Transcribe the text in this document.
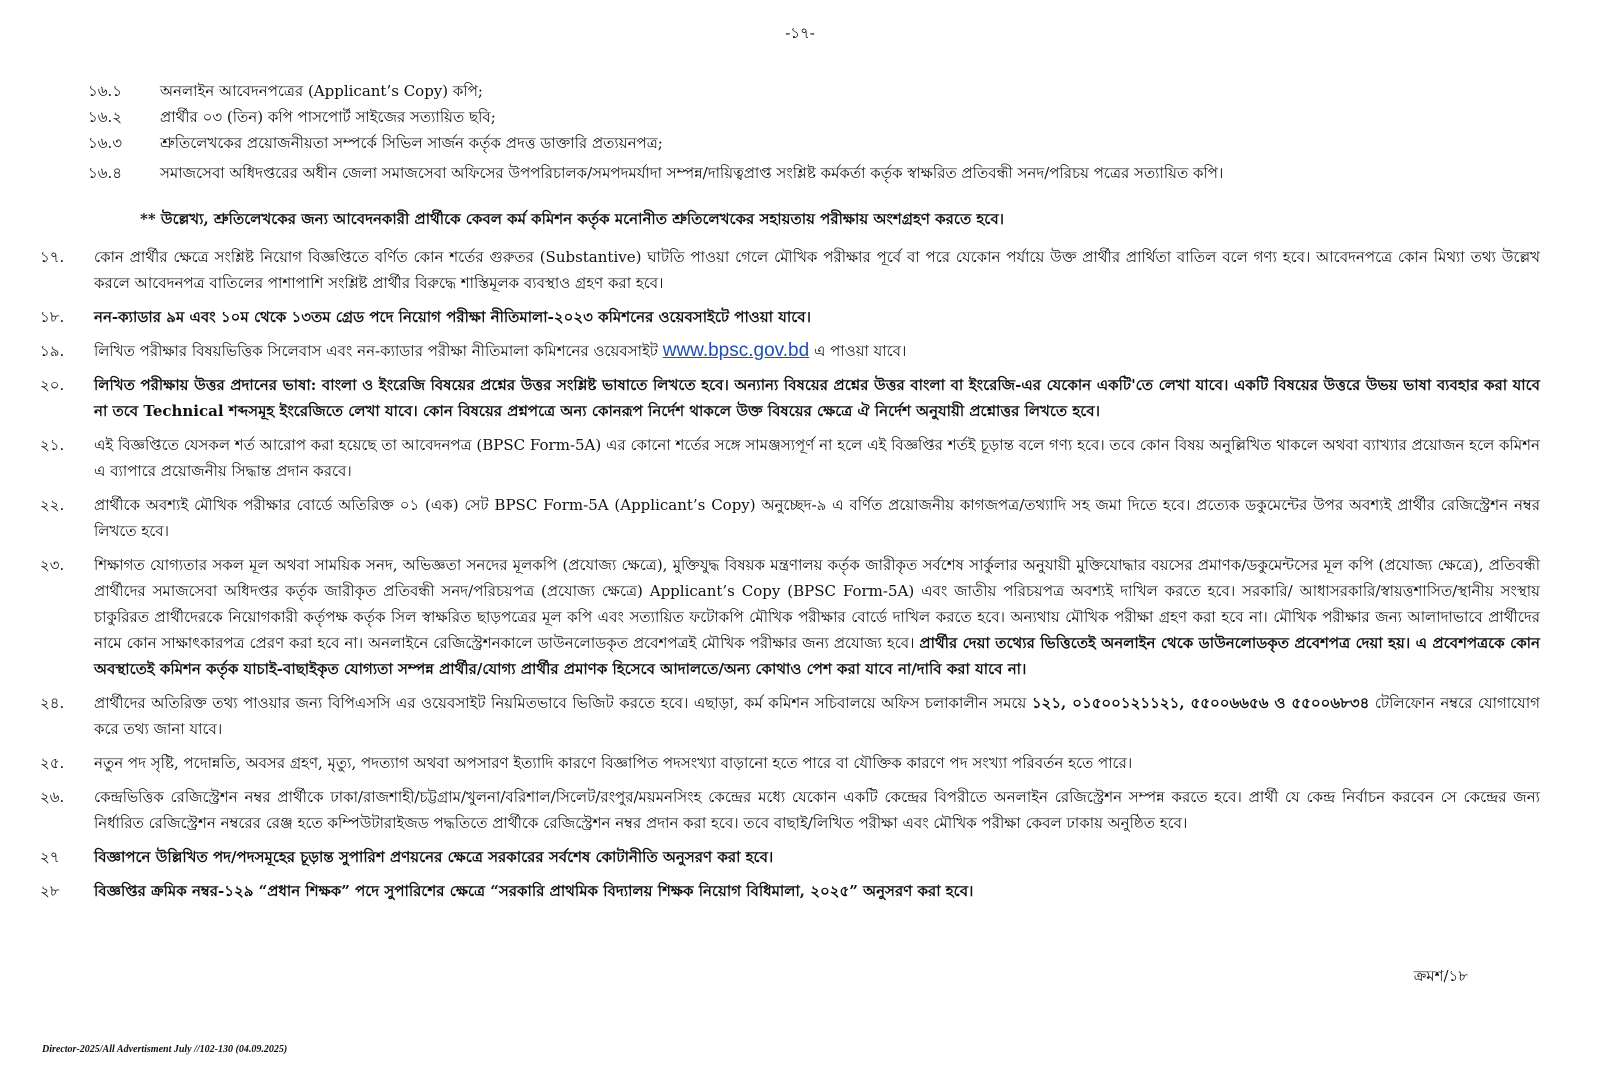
-১৭-
১৬.১	অনলাইন আবেদনপত্রের (Applicant’s Copy) কপি;
১৬.২	প্রার্থীর ০৩ (তিন) কপি পাসপোর্ট সাইজের সত্যায়িত ছবি;
১৬.৩	শ্রুতিলেখকের প্রয়োজনীয়তা সম্পর্কে সিভিল সার্জন কর্তৃক প্রদত্ত ডাক্তারি প্রত্যয়নপত্র;
১৬.৪	সমাজসেবা অধিদপ্তরের অধীন জেলা সমাজসেবা অফিসের উপপরিচালক/সমপদমর্যাদা সম্পন্ন/দায়িত্বপ্রাপ্ত সংশ্লিষ্ট কর্মকর্তা কর্তৃক স্বাক্ষরিত প্রতিবন্ধী সনদ/পরিচয় পত্রের সত্যায়িত কপি।
** উল্লেখ্য, শ্রুতিলেখকের জন্য আবেদনকারী প্রার্থীকে কেবল কর্ম কমিশন কর্তৃক মনোনীত শ্রুতিলেখকের সহায়তায় পরীক্ষায় অংশগ্রহণ করতে হবে।
১৭.	কোন প্রার্থীর ক্ষেত্রে সংশ্লিষ্ট নিয়োগ বিজ্ঞপ্তিতে বর্ণিত কোন শর্তের গুরুতর (Substantive) ঘাটতি পাওয়া গেলে মৌখিক পরীক্ষার পূর্বে বা পরে যেকোন পর্যায়ে উক্ত প্রার্থীর প্রার্থিতা বাতিল বলে গণ্য হবে। আবেদনপত্রে কোন মিথ্যা তথ্য উল্লেখ করলে আবেদনপত্র বাতিলের পাশাপাশি সংশ্লিষ্ট প্রার্থীর বিরুদ্ধে শাস্তিমূলক ব্যবস্থাও গ্রহণ করা হবে।
১৮.	নন-ক্যাডার ৯ম এবং ১০ম থেকে ১৩তম গ্রেড পদে নিয়োগ পরীক্ষা নীতিমালা-২০২৩ কমিশনের ওয়েবসাইটে পাওয়া যাবে।
১৯.	লিখিত পরীক্ষার বিষয়ভিত্তিক সিলেবাস এবং নন-ক্যাডার পরীক্ষা নীতিমালা কমিশনের ওয়েবসাইট www.bpsc.gov.bd এ পাওয়া যাবে।
২০.	লিখিত পরীক্ষায় উত্তর প্রদানের ভাষা: বাংলা ও ইংরেজি বিষয়ের প্রশ্নের উত্তর সংশ্লিষ্ট ভাষাতে লিখতে হবে। অন্যান্য বিষয়ের প্রশ্নের উত্তর বাংলা বা ইংরেজি-এর যেকোন একটি'তে লেখা যাবে। একটি বিষয়ের উত্তরে উভয় ভাষা ব্যবহার করা যাবে না তবে Technical শব্দসমূহ ইংরেজিতে লেখা যাবে। কোন বিষয়ের প্রশ্নপত্রে অন্য কোনরূপ নির্দেশ থাকলে উক্ত বিষয়ের ক্ষেত্রে ঐ নির্দেশ অনুযায়ী প্রশ্নোত্তর লিখতে হবে।
২১.	এই বিজ্ঞপ্তিতে যেসকল শর্ত আরোপ করা হয়েছে তা আবেদনপত্র (BPSC Form-5A) এর কোনো শর্তের সঙ্গে সামঞ্জস্যপূর্ণ না হলে এই বিজ্ঞপ্তির শর্তই চূড়ান্ত বলে গণ্য হবে। তবে কোন বিষয় অনুল্লিখিত থাকলে অথবা ব্যাখ্যার প্রয়োজন হলে কমিশন এ ব্যাপারে প্রয়োজনীয় সিদ্ধান্ত প্রদান করবে।
২২.	প্রার্থীকে অবশ্যই মৌখিক পরীক্ষার বোর্ডে অতিরিক্ত ০১ (এক) সেট BPSC Form-5A (Applicant’s Copy) অনুচ্ছেদ-৯ এ বর্ণিত প্রয়োজনীয় কাগজপত্র/তথ্যাদি সহ জমা দিতে হবে। প্রত্যেক ডকুমেন্টের উপর অবশ্যই প্রার্থীর রেজিস্ট্রেশন নম্বর লিখতে হবে।
২৩.	শিক্ষাগত যোগ্যতার সকল মূল অথবা সাময়িক সনদ, অভিজ্ঞতা সনদের মূলকপি (প্রযোজ্য ক্ষেত্রে), মুক্তিযুদ্ধ বিষয়ক মন্ত্রণালয় কর্তৃক জারীকৃত সর্বশেষ সার্কুলার অনুযায়ী মুক্তিযোদ্ধার বয়সের প্রমাণক/ডকুমেন্টসের মূল কপি (প্রযোজ্য ক্ষেত্রে), প্রতিবন্ধী প্রার্থীদের সমাজসেবা অধিদপ্তর কর্তৃক জারীকৃত প্রতিবন্ধী সনদ/পরিচয়পত্র (প্রযোজ্য ক্ষেত্রে) Applicant’s Copy (BPSC Form-5A) এবং জাতীয় পরিচয়পত্র অবশ্যই দাখিল করতে হবে। সরকারি/ আধাসরকারি/স্বায়ত্তশাসিত/স্থানীয় সংস্থায় চাকুরিরত প্রার্থীদেরকে নিয়োগকারী কর্তৃপক্ষ কর্তৃক সিল স্বাক্ষরিত ছাড়পত্রের মূল কপি এবং সত্যায়িত ফটোকপি মৌখিক পরীক্ষার বোর্ডে দাখিল করতে হবে। অন্যথায় মৌখিক পরীক্ষা গ্রহণ করা হবে না। মৌখিক পরীক্ষার জন্য আলাদাভাবে প্রার্থীদের নামে কোন সাক্ষাৎকারপত্র প্রেরণ করা হবে না। অনলাইনে রেজিস্ট্রেশনকালে ডাউনলোডকৃত প্রবেশপত্রই মৌখিক পরীক্ষার জন্য প্রযোজ্য হবে। প্রার্থীর দেয়া তথ্যের ভিত্তিতেই অনলাইন থেকে ডাউনলোডকৃত প্রবেশপত্র দেয়া হয়। এ প্রবেশপত্রকে কোন অবস্থাতেই কমিশন কর্তৃক যাচাই-বাছাইকৃত যোগ্যতা সম্পন্ন প্রার্থীর/যোগ্য প্রার্থীর প্রমাণক হিসেবে আদালতে/অন্য কোথাও পেশ করা যাবে না/দাবি করা যাবে না।
২৪.	প্রার্থীদের অতিরিক্ত তথ্য পাওয়ার জন্য বিপিএসসি এর ওয়েবসাইট নিয়মিতভাবে ভিজিট করতে হবে। এছাড়া, কর্ম কমিশন সচিবালয়ে অফিস চলাকালীন সময়ে ১২১, ০১৫০০১২১১২১, ৫৫০০৬৬৫৬ ও ৫৫০০৬৮৩৪ টেলিফোন নম্বরে যোগাযোগ করে তথ্য জানা যাবে।
২৫.	নতুন পদ সৃষ্টি, পদোন্নতি, অবসর গ্রহণ, মৃত্যু, পদত্যাগ অথবা অপসারণ ইত্যাদি কারণে বিজ্ঞাপিত পদসংখ্যা বাড়ানো হতে পারে বা যৌক্তিক কারণে পদ সংখ্যা পরিবর্তন হতে পারে।
২৬.	কেন্দ্রভিত্তিক রেজিস্ট্রেশন নম্বর প্রার্থীকে ঢাকা/রাজশাহী/চট্টগ্রাম/খুলনা/বরিশাল/সিলেট/রংপুর/ময়মনসিংহ কেন্দ্রের মধ্যে যেকোন একটি কেন্দ্রের বিপরীতে অনলাইন রেজিস্ট্রেশন সম্পন্ন করতে হবে। প্রার্থী যে কেন্দ্র নির্বাচন করবেন সে কেন্দ্রের জন্য নির্ধারিত রেজিস্ট্রেশন নম্বরের রেঞ্জ হতে কম্পিউটারাইজড পদ্ধতিতে প্রার্থীকে রেজিস্ট্রেশন নম্বর প্রদান করা হবে। তবে বাছাই/লিখিত পরীক্ষা এবং মৌখিক পরীক্ষা কেবল ঢাকায় অনুষ্ঠিত হবে।
২৭	বিজ্ঞাপনে উল্লিখিত পদ/পদসমূহের চূড়ান্ত সুপারিশ প্রণয়নের ক্ষেত্রে সরকারের সর্বশেষ কোটানীতি অনুসরণ করা হবে।
২৮	বিজ্ঞপ্তির ক্রমিক নম্বর-১২৯ “প্রধান শিক্ষক” পদে সুপারিশের ক্ষেত্রে “সরকারি প্রাথমিক বিদ্যালয় শিক্ষক নিয়োগ বিধিমালা, ২০২৫” অনুসরণ করা হবে।
ক্রমশ/১৮
Director-2025/All Advertisment July //102-130 (04.09.2025)
